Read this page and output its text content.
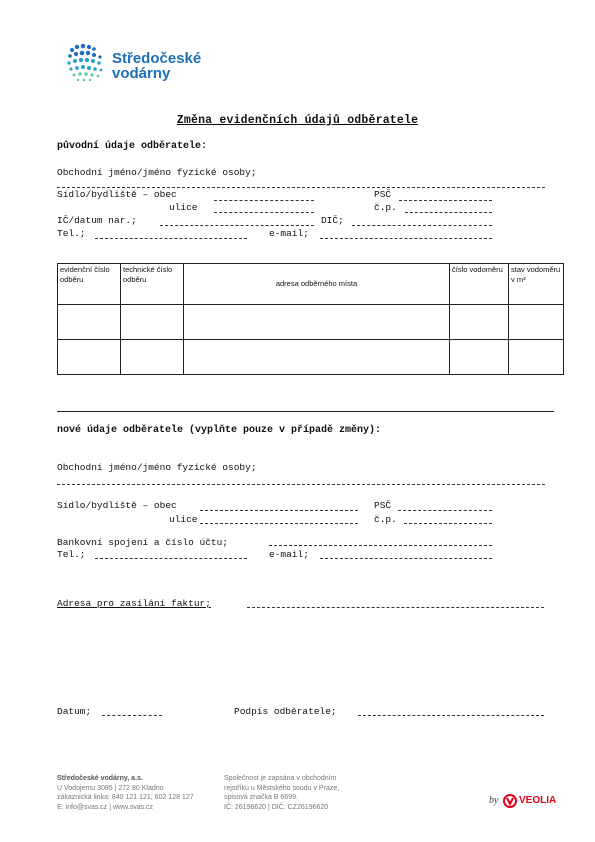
Středočeské
vodárny
Změna evidenčních údajů odběratele
původní údaje odběratele:
Obchodní jméno/jméno fyzické osoby;
Sídlo/bydliště – obec	PSČ
ulice	č.p.
IČ/datum nar.;	DIČ;
Tel.;	e-mail;
evidenční číslo odběru	technické číslo odběru	adresa odběrného místa	číslo vodoměru	stav vodoměru v m³

nové údaje odběratele (vyplňte pouze v případě změny):
Obchodní jméno/jméno fyzické osoby;
Sídlo/bydliště – obec	PSČ
ulice	č.p.
Bankovní spojení a číslo účtu;
Tel.;	e-mail;
Adresa pro zasílání faktur;
Datum;	Podpis odběratele;
Středočeské vodárny, a.s.
U Vodojemu 3085 | 272 80 Kladno
zákaznická linka: 840 121 121, 602 128 127
E: info@svas.cz | www.svas.cz
Společnost je zapsána v obchodním
rejstříku u Městského soudu v Praze,
spisová značka B 6699.
IČ: 26196620 | DIČ: CZ26196620
by VEOLIA
